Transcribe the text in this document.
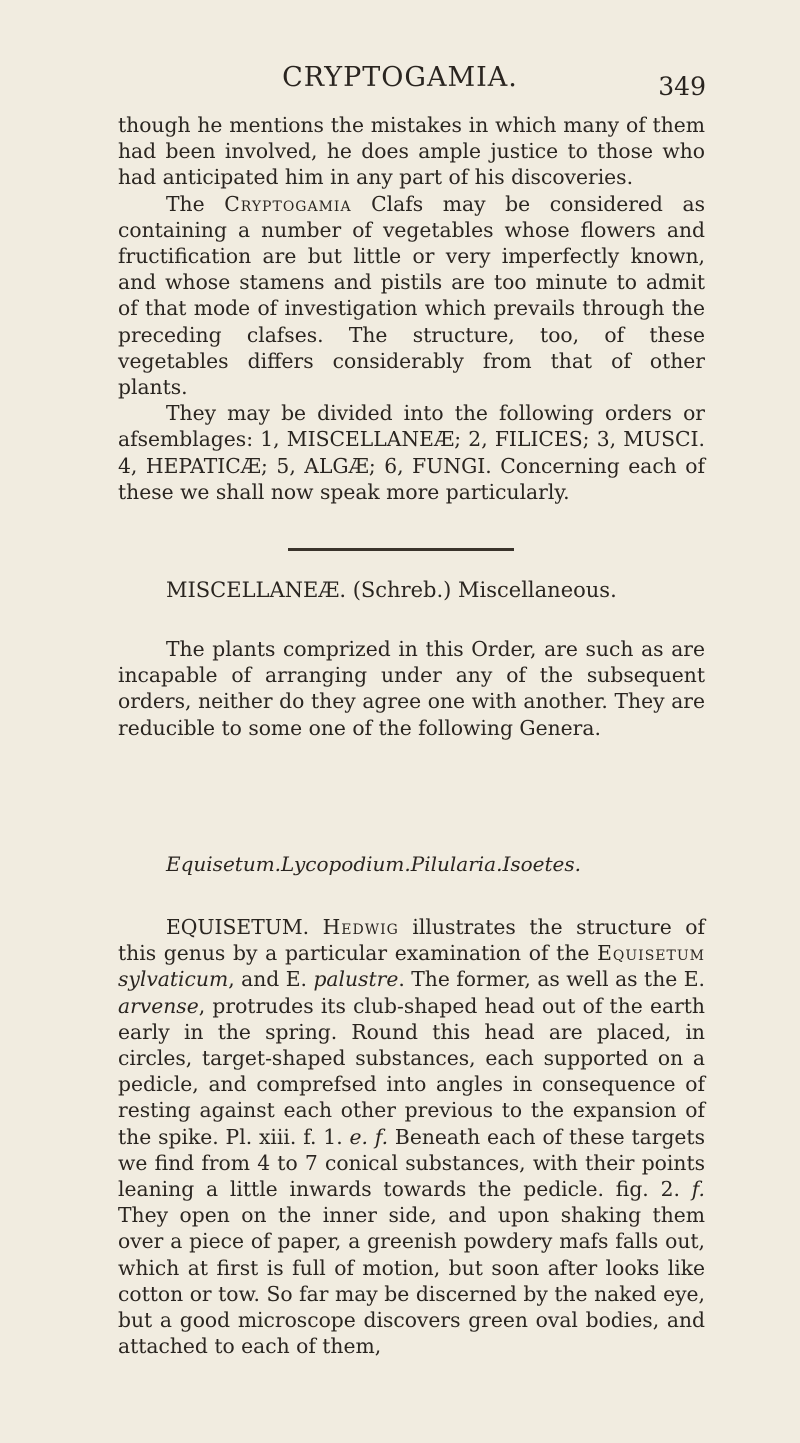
CRYPTOGAMIA.	349

though he mentions the mistakes in which many of them had been involved, he does ample justice to those who had anticipated him in any part of his discoveries.

The Cryptogamia Clafs may be considered as containing a number of vegetables whose flowers and fructification are but little or very imperfectly known, and whose stamens and pistils are too minute to admit of that mode of investigation which prevails through the preceding clafses. The structure, too, of these vegetables differs considerably from that of other plants.

They may be divided into the following orders or afsemblages: 1, MISCELLANEÆ; 2, FILICES; 3, MUSCI. 4, HEPATICÆ; 5, ALGÆ; 6, FUNGI. Concerning each of these we shall now speak more particularly.

MISCELLANEÆ. (Schreb.) Miscellaneous.

The plants comprized in this Order, are such as are incapable of arranging under any of the subsequent orders, neither do they agree one with another. They are reducible to some one of the following Genera.

Equisetum. Lycopodium. Pilularia. Isoetes.

EQUISETUM. Hedwig illustrates the structure of this genus by a particular examination of the Equisetum sylvaticum, and E. palustre. The former, as well as the E. arvense, protrudes its club-shaped head out of the earth early in the spring. Round this head are placed, in circles, target-shaped substances, each supported on a pedicle, and comprefsed into angles in consequence of resting against each other previous to the expansion of the spike. Pl. xiii. f. 1. e. f. Beneath each of these targets we find from 4 to 7 conical substances, with their points leaning a little inwards towards the pedicle. fig. 2. f. They open on the inner side, and upon shaking them over a piece of paper, a greenish powdery mafs falls out, which at first is full of motion, but soon after looks like cotton or tow. So far may be discerned by the naked eye, but a good microscope discovers green oval bodies, and attached to each of them,
